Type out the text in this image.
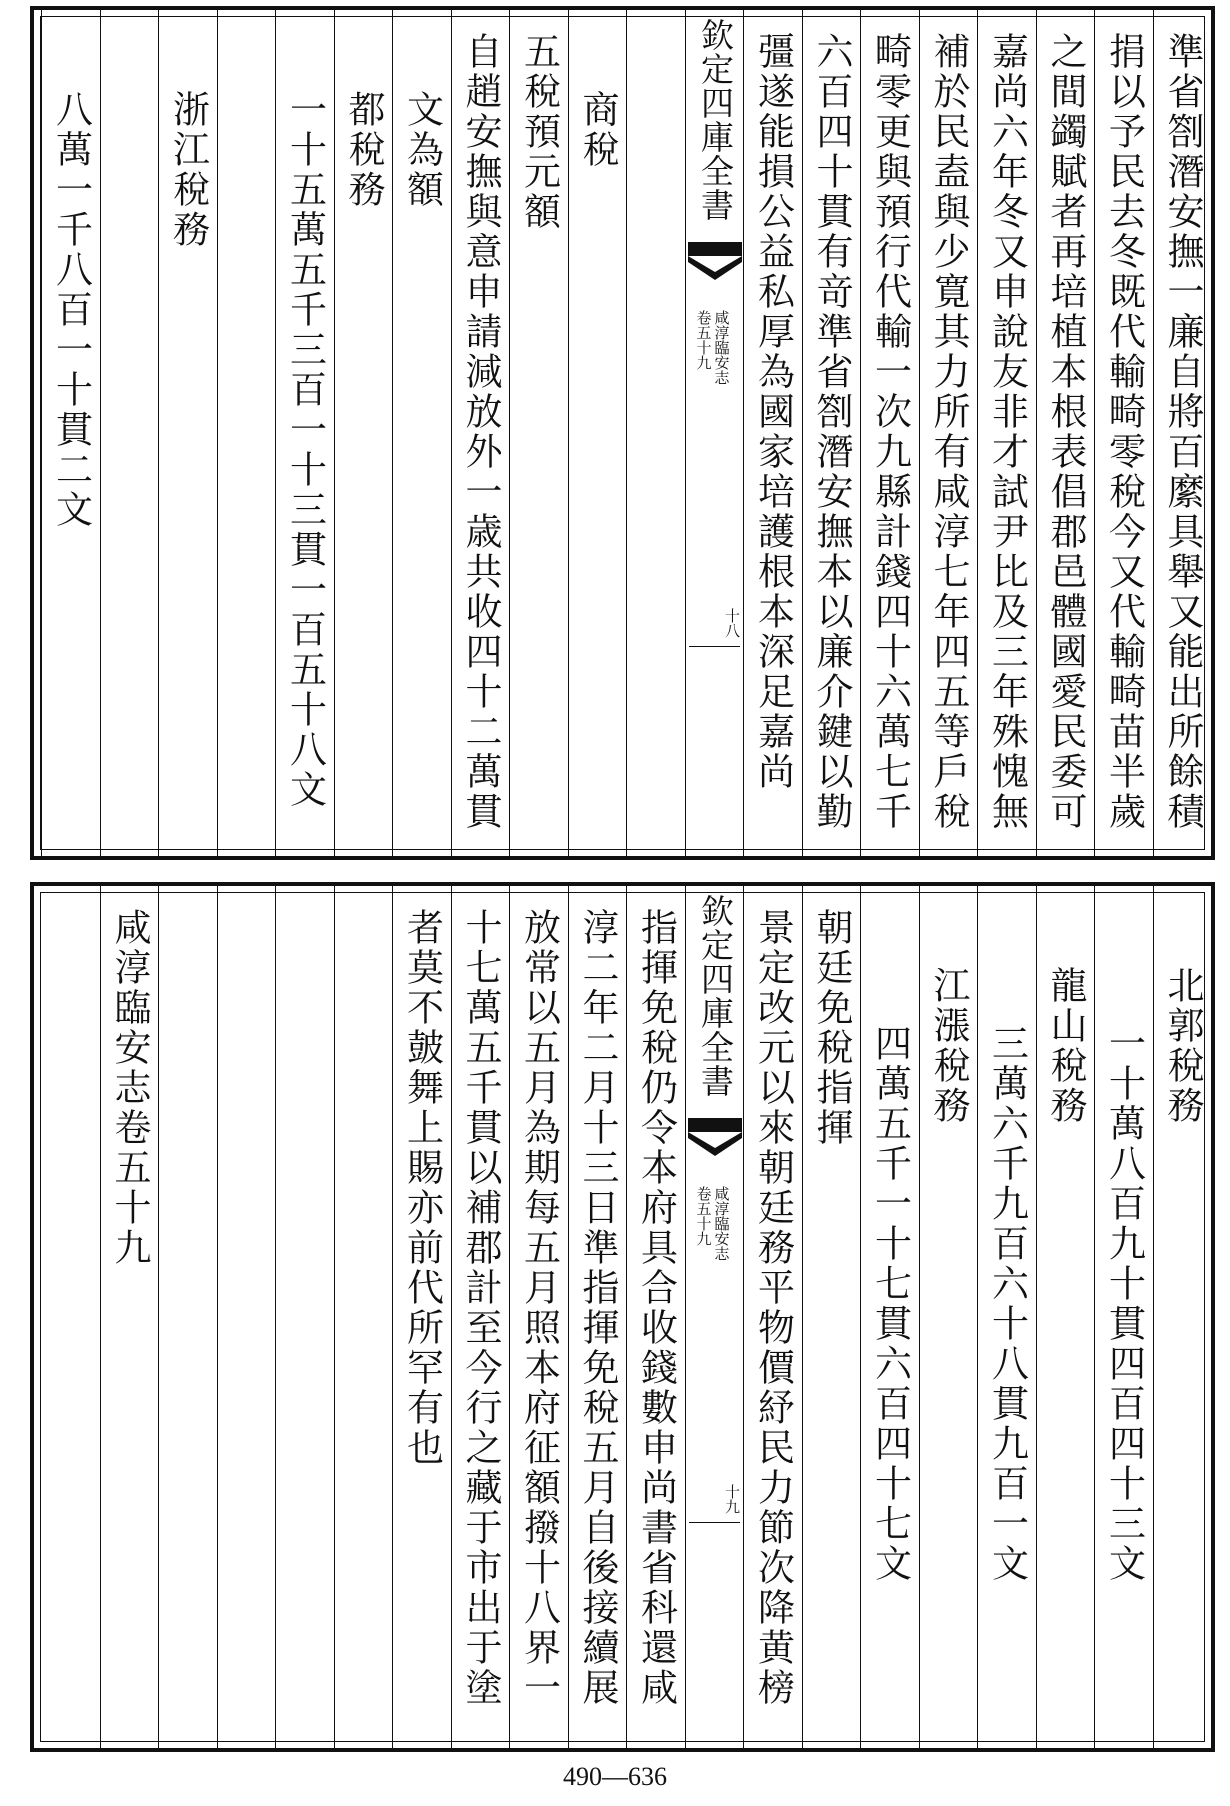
準省劄潛安撫一廉自將百縻具舉又能出所餘積
捐以予民去冬既代輸畸零稅今又代輸畸苗半歲
之間蠲賦者再培植本根表倡郡邑體國愛民委可
嘉尚六年冬又申說友非才試尹比及三年殊愧無
補於民盍與少寛其力所有咸淳七年四五等戶稅
畸零更與預行代輸一次九縣計錢四十六萬七千
六百四十貫有竒準省劄潛安撫本以廉介鍵以勤
彊遂能損公益私厚為國家培護根本深足嘉尚
欽定四庫全書
咸淳臨安志
卷五十九
十八
商稅
五稅預元額
自趙安撫與意申請減放外一歳共收四十二萬貫
文為額
都稅務
一十五萬五千三百一十三貫一百五十八文
浙江稅務
八萬一千八百一十貫二文
北郭稅務
一十萬八百九十貫四百四十三文
龍山稅務
三萬六千九百六十八貫九百一文
江漲稅務
四萬五千一十七貫六百四十七文
朝廷免稅指揮
景定改元以來朝廷務平物價紓民力節次降黄榜
欽定四庫全書
咸淳臨安志
卷五十九
十九
指揮免稅仍令本府具合收錢數申尚書省科還咸
淳二年二月十三日準指揮免稅五月自後接續展
放常以五月為期每五月照本府征額撥十八界一
十七萬五千貫以補郡計至今行之藏于市出于塗
者莫不皷舞上賜亦前代所罕有也
咸淳臨安志卷五十九
490—636
